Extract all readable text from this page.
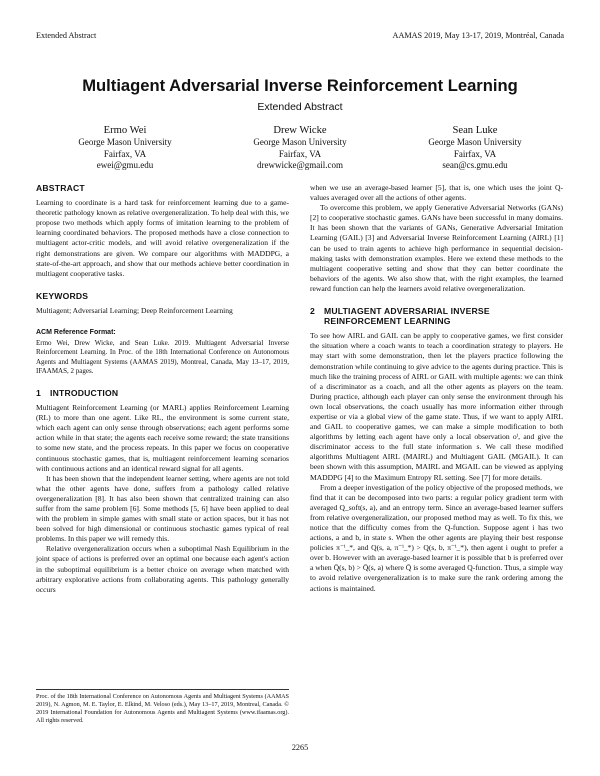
Extended Abstract	AAMAS 2019, May 13-17, 2019, Montréal, Canada
Multiagent Adversarial Inverse Reinforcement Learning
Extended Abstract
Ermo Wei
George Mason University
Fairfax, VA
ewei@gmu.edu
Drew Wicke
George Mason University
Fairfax, VA
drewwicke@gmail.com
Sean Luke
George Mason University
Fairfax, VA
sean@cs.gmu.edu
ABSTRACT

Learning to coordinate is a hard task for reinforcement learning due to a game-theoretic pathology known as relative overgeneralization. To help deal with this, we propose two methods which apply forms of imitation learning to the problem of learning coordinated behaviors. The proposed methods have a close connection to multiagent actor-critic models, and will avoid relative overgeneralization if the right demonstrations are given. We compare our algorithms with MADDPG, a state-of-the-art approach, and show that our methods achieve better coordination in multiagent cooperative tasks.

KEYWORDS

Multiagent; Adversarial Learning; Deep Reinforcement Learning

ACM Reference Format:

Ermo Wei, Drew Wicke, and Sean Luke. 2019. Multiagent Adversarial Inverse Reinforcement Learning. In Proc. of the 18th International Conference on Autonomous Agents and Multiagent Systems (AAMAS 2019), Montreal, Canada, May 13–17, 2019, IFAAMAS, 2 pages.

1	INTRODUCTION

Multiagent Reinforcement Learning (or MARL) applies Reinforcement Learning (RL) to more than one agent. Like RL, the environment is some current state, which each agent can only sense through observations; each agent performs some action while in that state; the agents each receive some reward; the state transitions to some new state, and the process repeats. In this paper we focus on cooperative continuous stochastic games, that is, multiagent reinforcement learning scenarios with continuous actions and an identical reward signal for all agents.

It has been shown that the independent learner setting, where agents are not told what the other agents have done, suffers from a pathology called relative overgeneralization [8]. It has also been shown that centralized training can also suffer from the same problem [6]. Some methods [5, 6] have been applied to deal with the problem in simple games with small state or action spaces, but it has not been solved for high dimensional or continuous stochastic games typical of real problems. In this paper we will remedy this.

Relative overgeneralization occurs when a suboptimal Nash Equilibrium in the joint space of actions is preferred over an optimal one because each agent's action in the suboptimal equilibrium is a better choice on average when matched with arbitrary explorative actions from collaborating agents. This pathology generally occurs

when we use an average-based learner [5], that is, one which uses the joint Q-values averaged over all the actions of other agents.

To overcome this problem, we apply Generative Adversarial Networks (GANs) [2] to cooperative stochastic games. GANs have been successful in many domains. It has been shown that the variants of GANs, Generative Adversarial Imitation Learning (GAIL) [3] and Adversarial Inverse Reinforcement Learning (AIRL) [1] can be used to train agents to achieve high performance in sequential decision-making tasks with demonstration examples. Here we extend these methods to the multiagent cooperative setting and show that they can better coordinate the behaviors of the agents. We also show that, with the right examples, the learned reward function can help the learners avoid relative overgeneralization.

2	MULTIAGENT ADVERSARIAL INVERSE
REINFORCEMENT LEARNING

To see how AIRL and GAIL can be apply to cooperative games, we first consider the situation where a coach wants to teach a coordination strategy to players. He may start with some demonstration, then let the players practice following the demonstration while continuing to give advice to the agents during practice. This is much like the training process of AIRL or GAIL with multiple agents: we can think of a discriminator as a coach, and all the other agents as players on the team. During practice, although each player can only sense the environment through his own local observations, the coach usually has more information either through expertise or via a global view of the game state. Thus, if we want to apply AIRL and GAIL to cooperative games, we can make a simple modification to both algorithms by letting each agent have only a local observation oⁱ, and give the discriminator access to the full state information s. We call these modified algorithms Multiagent AIRL (MAIRL) and Multiagent GAIL (MGAIL). It can been shown with this assumption, MAIRL and MGAIL can be viewed as applying MADDPG [4] to the Maximum Entropy RL setting. See [7] for more details.

From a deeper investigation of the policy objective of the proposed methods, we find that it can be decomposed into two parts: a regular policy gradient term with averaged Q_soft(s, a), and an entropy term. Since an average-based learner suffers from relative overgeneralization, our proposed method may as well. To fix this, we notice that the difficulty comes from the Q-function. Suppose agent i has two actions, a and b, in state s. When the other agents are playing their best response policies π⁻ⁱ_*, and Q(s, a, π⁻ⁱ_*) > Q(s, b, π⁻ⁱ_*), then agent i ought to prefer a over b. However with an average-based learner it is possible that b is preferred over a when Q̄(s, b) > Q̄(s, a) where Q̄ is some averaged Q-function. Thus, a simple way to avoid relative overgeneralization is to make sure the rank ordering among the actions is maintained.

Proc. of the 18th International Conference on Autonomous Agents and Multiagent Systems (AAMAS 2019), N. Agmon, M. E. Taylor, E. Elkind, M. Veloso (eds.), May 13–17, 2019, Montreal, Canada. © 2019 International Foundation for Autonomous Agents and Multiagent Systems (www.ifaamas.org). All rights reserved.
2265
